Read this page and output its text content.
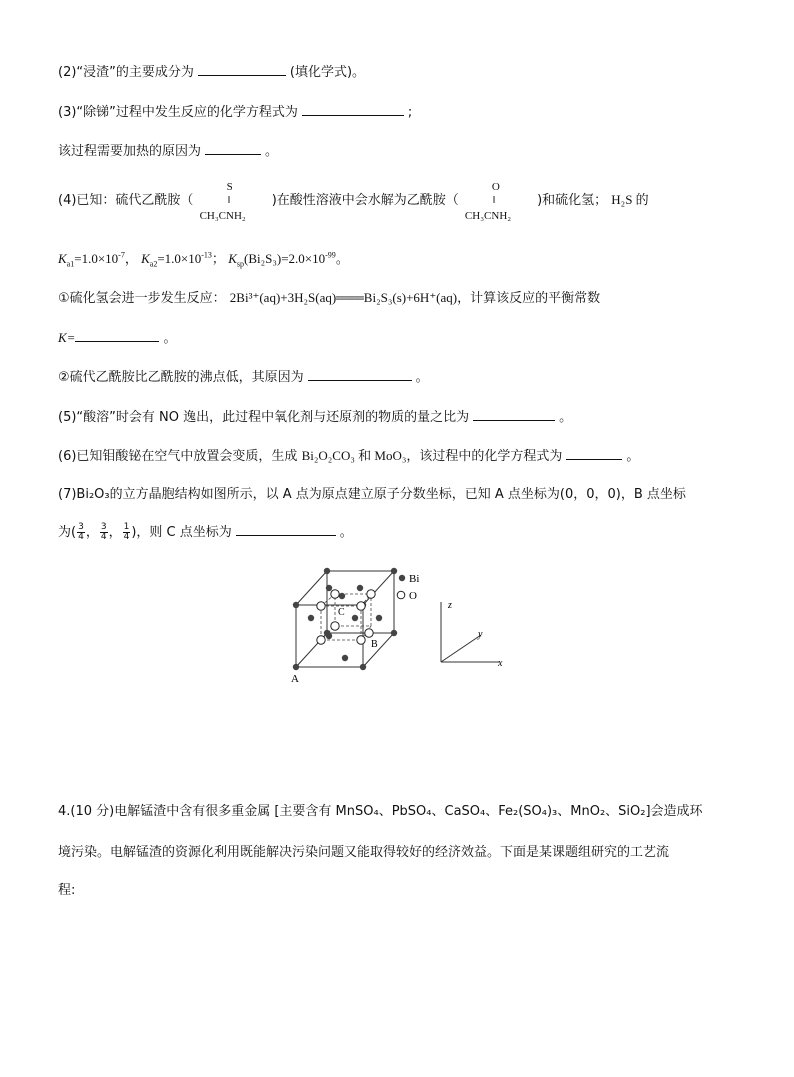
(2)“浸渣”的主要成分为	(填化学式)。
(3)“除锑”过程中发生反应的化学方程式为	;
该过程需要加热的原因为	。
(4)已知：硫代乙酰胺（
S
‖
CH₃CNH₂
)在酸性溶液中会水解为乙酰胺（
O
‖
CH₃CNH₂
)和硫化氢； H₂S 的
$K_{a1}=1.0\times 10^{-7}$， $K_{a2}=1.0\times 10^{-13}$； $K_{sp}(Bi_2S_3)=2.0\times 10^{-99}$。
①硫化氢会进一步发生反应： 2Bi³⁺(aq)+3H₂S(aq)═══Bi₂S₃(s)+6H⁺(aq)，计算该反应的平衡常数
K=	。
②硫代乙酰胺比乙酰胺的沸点低，其原因为	。
(5)“酸溶”时会有 NO 逸出，此过程中氧化剂与还原剂的物质的量之比为	。
(6)已知钼酸铋在空气中放置会变质，生成 Bi₂O₂CO₃ 和 MoO₃，该过程中的化学方程式为	。
(7)Bi₂O₃的立方晶胞结构如图所示，以 A 点为原点建立原子分数坐标，已知 A 点坐标为(0，0，0)，B 点坐标
为( $\frac{3}{4}$ ， $\frac{3}{4}$ ， $\frac{1}{4}$ )，则 C 点坐标为	。
A
B
C
Bi
O
z
y
x
4.(10 分)电解锰渣中含有很多重金属 [主要含有 MnSO₄、PbSO₄、CaSO₄、Fe₂(SO₄)₃、MnO₂、SiO₂]会造成环
境污染。电解锰渣的资源化利用既能解决污染问题又能取得较好的经济效益。下面是某课题组研究的工艺流
程:
